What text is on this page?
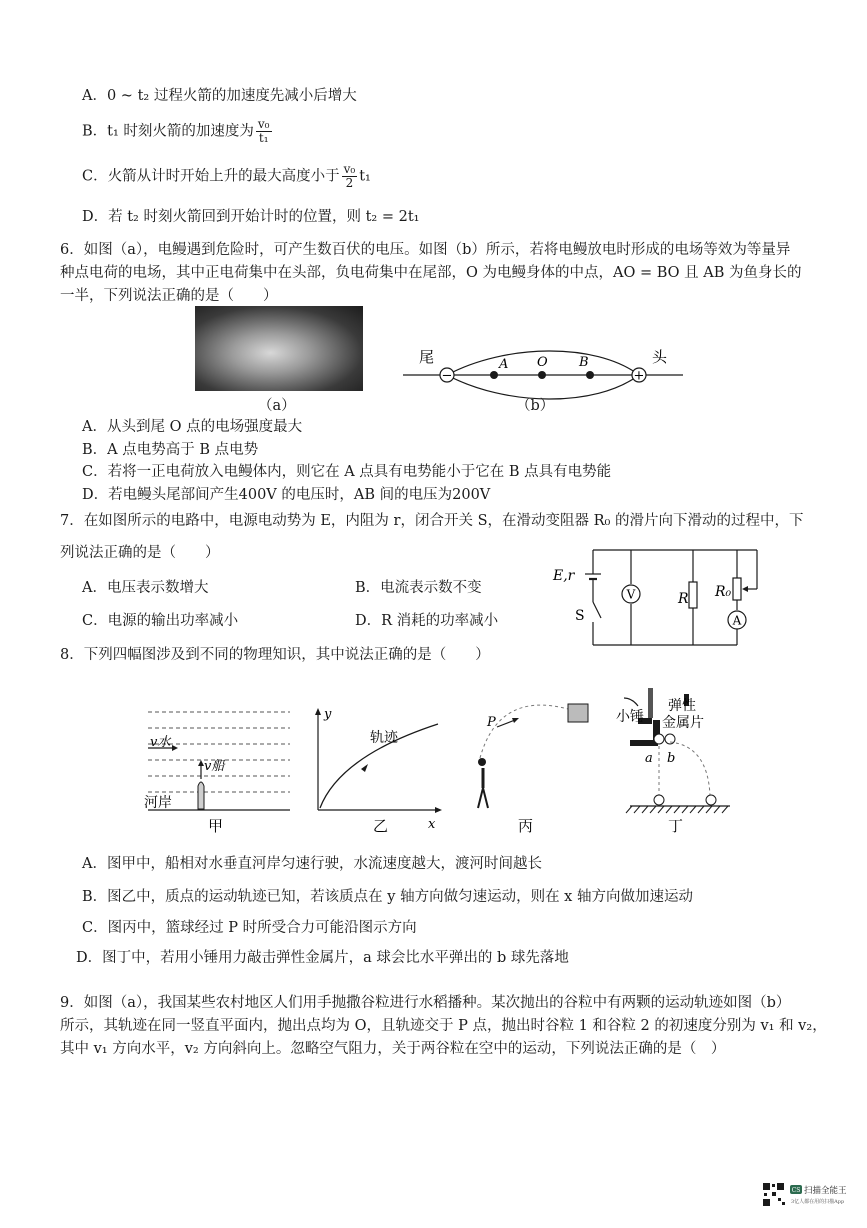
A．0 ~ t₂ 过程火箭的加速度先减小后增大
B．t₁ 时刻火箭的加速度为 $\frac{\text{v₀}}{\text{t₁}}$
C．火箭从计时开始上升的最大高度小于 $\frac{\text{v₀}}{2} t_1$
D．若 t₂ 时刻火箭回到开始计时的位置，则 t₂ = 2t₁
6．如图（a），电鳗遇到危险时，可产生数百伏的电压。如图（b）所示，若将电鳗放电时形成的电场等效为等量异
种点电荷的电场，其中正电荷集中在头部，负电荷集中在尾部，O 为电鳗身体的中点，AO = BO 且 AB 为鱼身长的
一半，下列说法正确的是（　　）
（a）
−	+
A O B
尾	头
（b）
A．从头到尾 O 点的电场强度最大
B．A 点电势高于 B 点电势
C．若将一正电荷放入电鳗体内，则它在 A 点具有电势能小于它在 B 点具有电势能
D．若电鳗头尾部间产生400V 的电压时，AB 间的电压为200V
7．在如图所示的电路中，电源电动势为 E，内阻为 r，闭合开关 S，在滑动变阻器 R₀ 的滑片向下滑动的过程中，下
列说法正确的是（　　）
A．电压表示数增大	B．电流表示数不变
C．电源的输出功率减小	D．R 消耗的功率减小
E,r
S
V	R R₀
A
8．下列四幅图涉及到不同的物理知识，其中说法正确的是（　　）
v水
v船
河岸
y
x
轨迹
P	小锤
弹性
金属片
a b
甲	乙	丙	丁
A．图甲中，船相对水垂直河岸匀速行驶，水流速度越大，渡河时间越长
B．图乙中，质点的运动轨迹已知，若该质点在 y 轴方向做匀速运动，则在 x 轴方向做加速运动
C．图丙中，篮球经过 P 时所受合力可能沿图示方向
D．图丁中，若用小锤用力敲击弹性金属片，a 球会比水平弹出的 b 球先落地
9．如图（a），我国某些农村地区人们用手抛撒谷粒进行水稻播种。某次抛出的谷粒中有两颗的运动轨迹如图（b）
所示，其轨迹在同一竖直平面内，抛出点均为 O，且轨迹交于 P 点，抛出时谷粒 1 和谷粒 2 的初速度分别为 v₁ 和 v₂，
其中 v₁ 方向水平，v₂ 方向斜向上。忽略空气阻力，关于两谷粒在空中的运动，下列说法正确的是（　）
CS 扫描全能王
3亿人都在用的扫描App
